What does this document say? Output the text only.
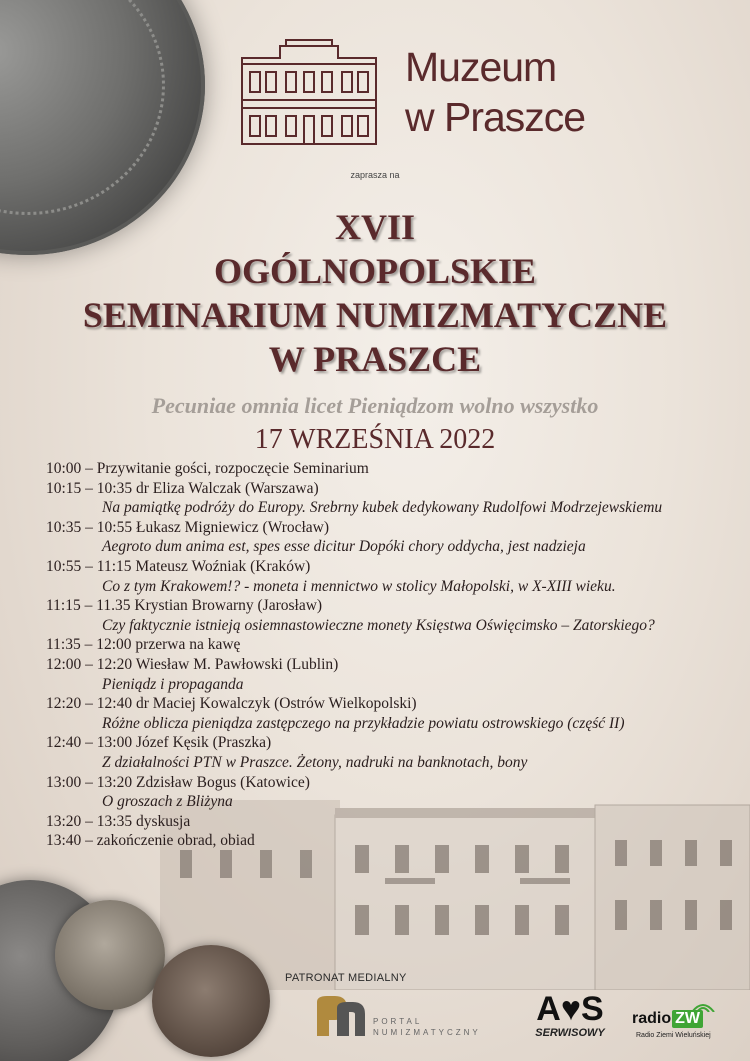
Muzeum
w Praszce
zaprasza na
XVII
OGÓLNOPOLSKIE
SEMINARIUM NUMIZMATYCZNE
W PRASZCE
Pecuniae omnia licet Pieniądzom wolno wszystko
17 WRZEŚNIA 2022
10:00 – Przywitanie gości, rozpoczęcie Seminarium
10:15 – 10:35 dr Eliza Walczak (Warszawa)
Na pamiątkę podróży do Europy. Srebrny kubek dedykowany Rudolfowi Modrzejewskiemu
10:35 – 10:55 Łukasz Migniewicz (Wrocław)
Aegroto dum anima est, spes esse dicitur Dopóki chory oddycha, jest nadzieja
10:55 – 11:15 Mateusz Woźniak (Kraków)
Co z tym Krakowem!? - moneta i mennictwo w stolicy Małopolski, w X-XIII wieku.
11:15 – 11.35 Krystian Browarny (Jarosław)
Czy faktycznie istnieją osiemnastowieczne monety Księstwa Oświęcimsko – Zatorskiego?
11:35 – 12:00 przerwa na kawę
12:00 – 12:20 Wiesław M. Pawłowski (Lublin)
Pieniądz i propaganda
12:20 – 12:40 dr Maciej Kowalczyk (Ostrów Wielkopolski)
Różne oblicza pieniądza zastępczego na przykładzie powiatu ostrowskiego (część II)
12:40 – 13:00 Józef Kęsik (Praszka)
Z działalności PTN w Praszce. Żetony, nadruki na banknotach, bony
13:00 – 13:20 Zdzisław Bogus (Katowice)
O groszach z Bliżyna
13:20 – 13:35 dyskusja
13:40 – zakończenie obrad, obiad
PATRONAT MEDIALNY
PORTAL
NUMIZMATYCZNY
A♥S
SERWISOWY
radio ZW
Radio Ziemi Wieluńskiej
